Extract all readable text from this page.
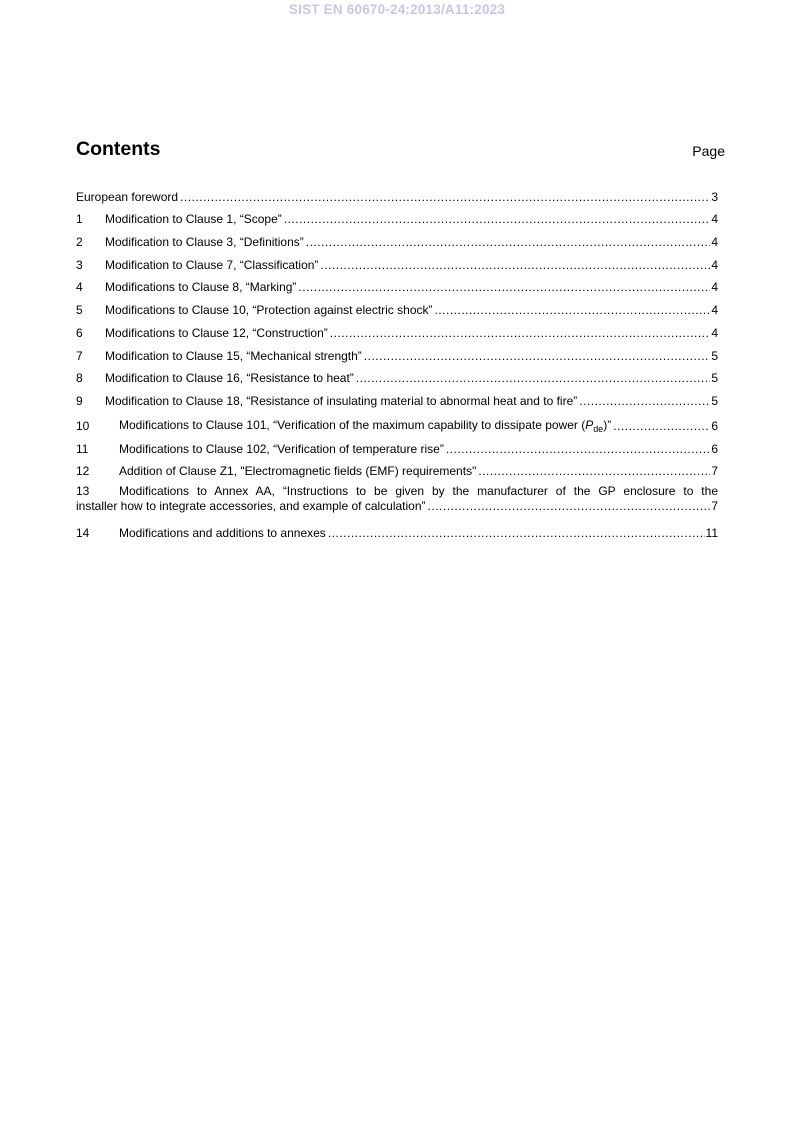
SIST EN 60670-24:2013/A11:2023
Contents	Page
European foreword .....	3
1	Modification to Clause 1, “Scope” .....	4
2	Modification to Clause 3, “Definitions” .....	4
3	Modification to Clause 7, “Classification” .....	4
4	Modifications to Clause 8, “Marking” .....	4
5	Modifications to Clause 10, “Protection against electric shock” .....	4
6	Modifications to Clause 12, “Construction” .....	4
7	Modification to Clause 15, “Mechanical strength” .....	5
8	Modification to Clause 16, “Resistance to heat” .....	5
9	Modification to Clause 18, “Resistance of insulating material to abnormal heat and to fire” .....	5
10	Modifications to Clause 101, “Verification of the maximum capability to dissipate power $(P_{de})$” .....	6
11	Modifications to Clause 102, “Verification of temperature rise” .....	6
12	Addition of Clause Z1, "Electromagnetic fields (EMF) requirements" .....	7
13 Modifications to Annex AA, “Instructions to be given by the manufacturer of the GP enclosure to the
installer how to integrate accessories, and example of calculation” .....	7
14	Modifications and additions to annexes .....	11
